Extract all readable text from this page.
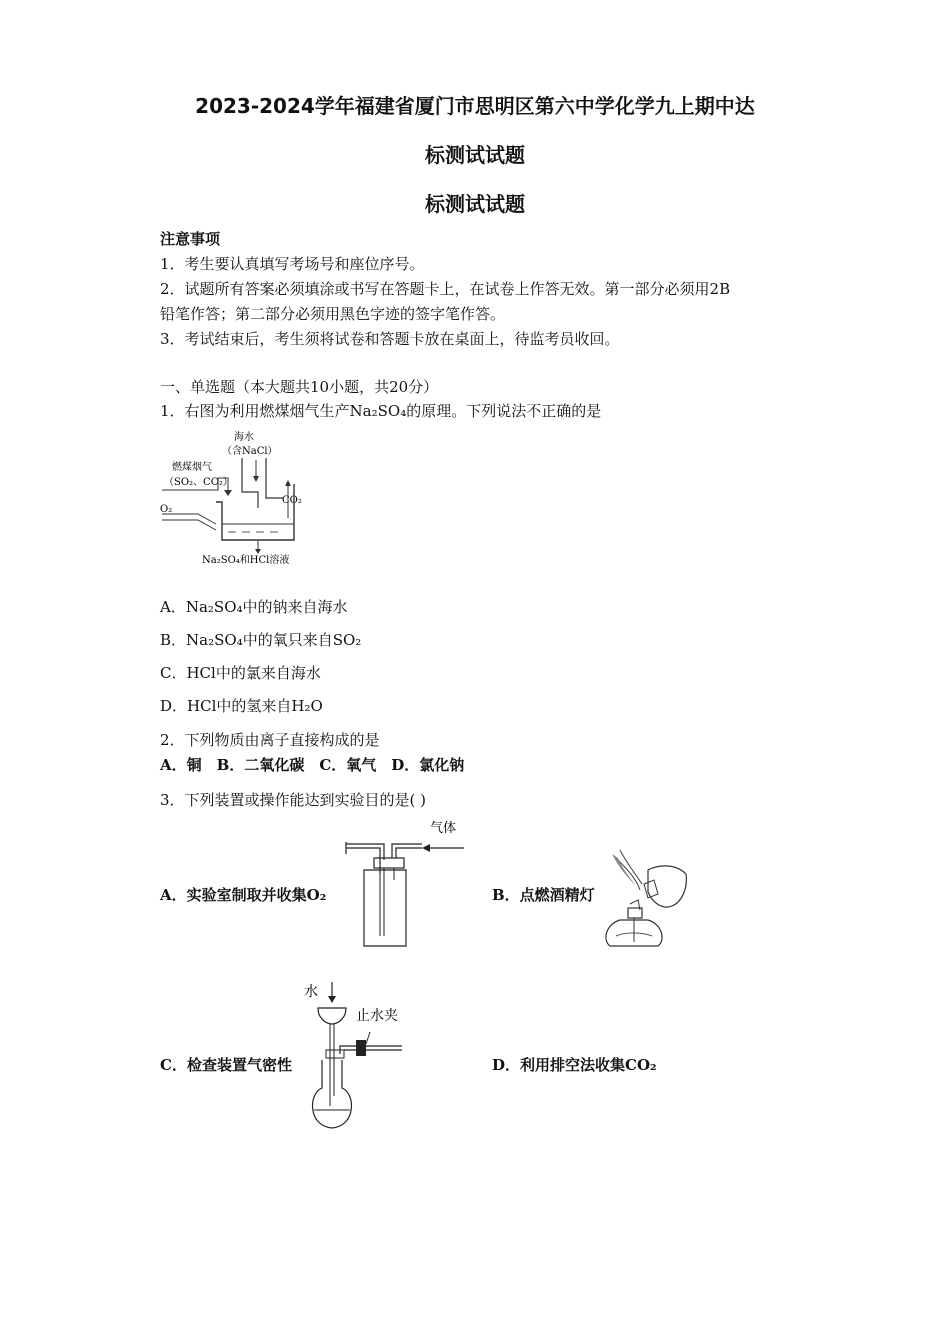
2023-2024学年福建省厦门市思明区第六中学化学九上期中达
标测试试题
标测试试题
注意事项
1．考生要认真填写考场号和座位序号。
2．试题所有答案必须填涂或书写在答题卡上，在试卷上作答无效。第一部分必须用2B
铅笔作答；第二部分必须用黑色字迹的签字笔作答。
3．考试结束后，考生须将试卷和答题卡放在桌面上，待监考员收回。
一、单选题（本大题共10小题，共20分）
1．右图为利用燃煤烟气生产Na₂SO₄的原理。下列说法不正确的是
海水
（含NaCl）
燃煤烟气
（SO₂、CO₂）
O₂
CO₂
Na₂SO₄和HCl溶液
A．Na₂SO₄中的钠来自海水
B．Na₂SO₄中的氧只来自SO₂
C．HCl中的氯来自海水
D．HCl中的氢来自H₂O
2．下列物质由离子直接构成的是
A．铜　B．二氧化碳　C．氧气　D．氯化钠
3．下列装置或操作能达到实验目的是( )
气体
A．实验室制取并收集O₂	B．点燃酒精灯
水
止水夹
C．检查装置气密性	D．利用排空法收集CO₂
